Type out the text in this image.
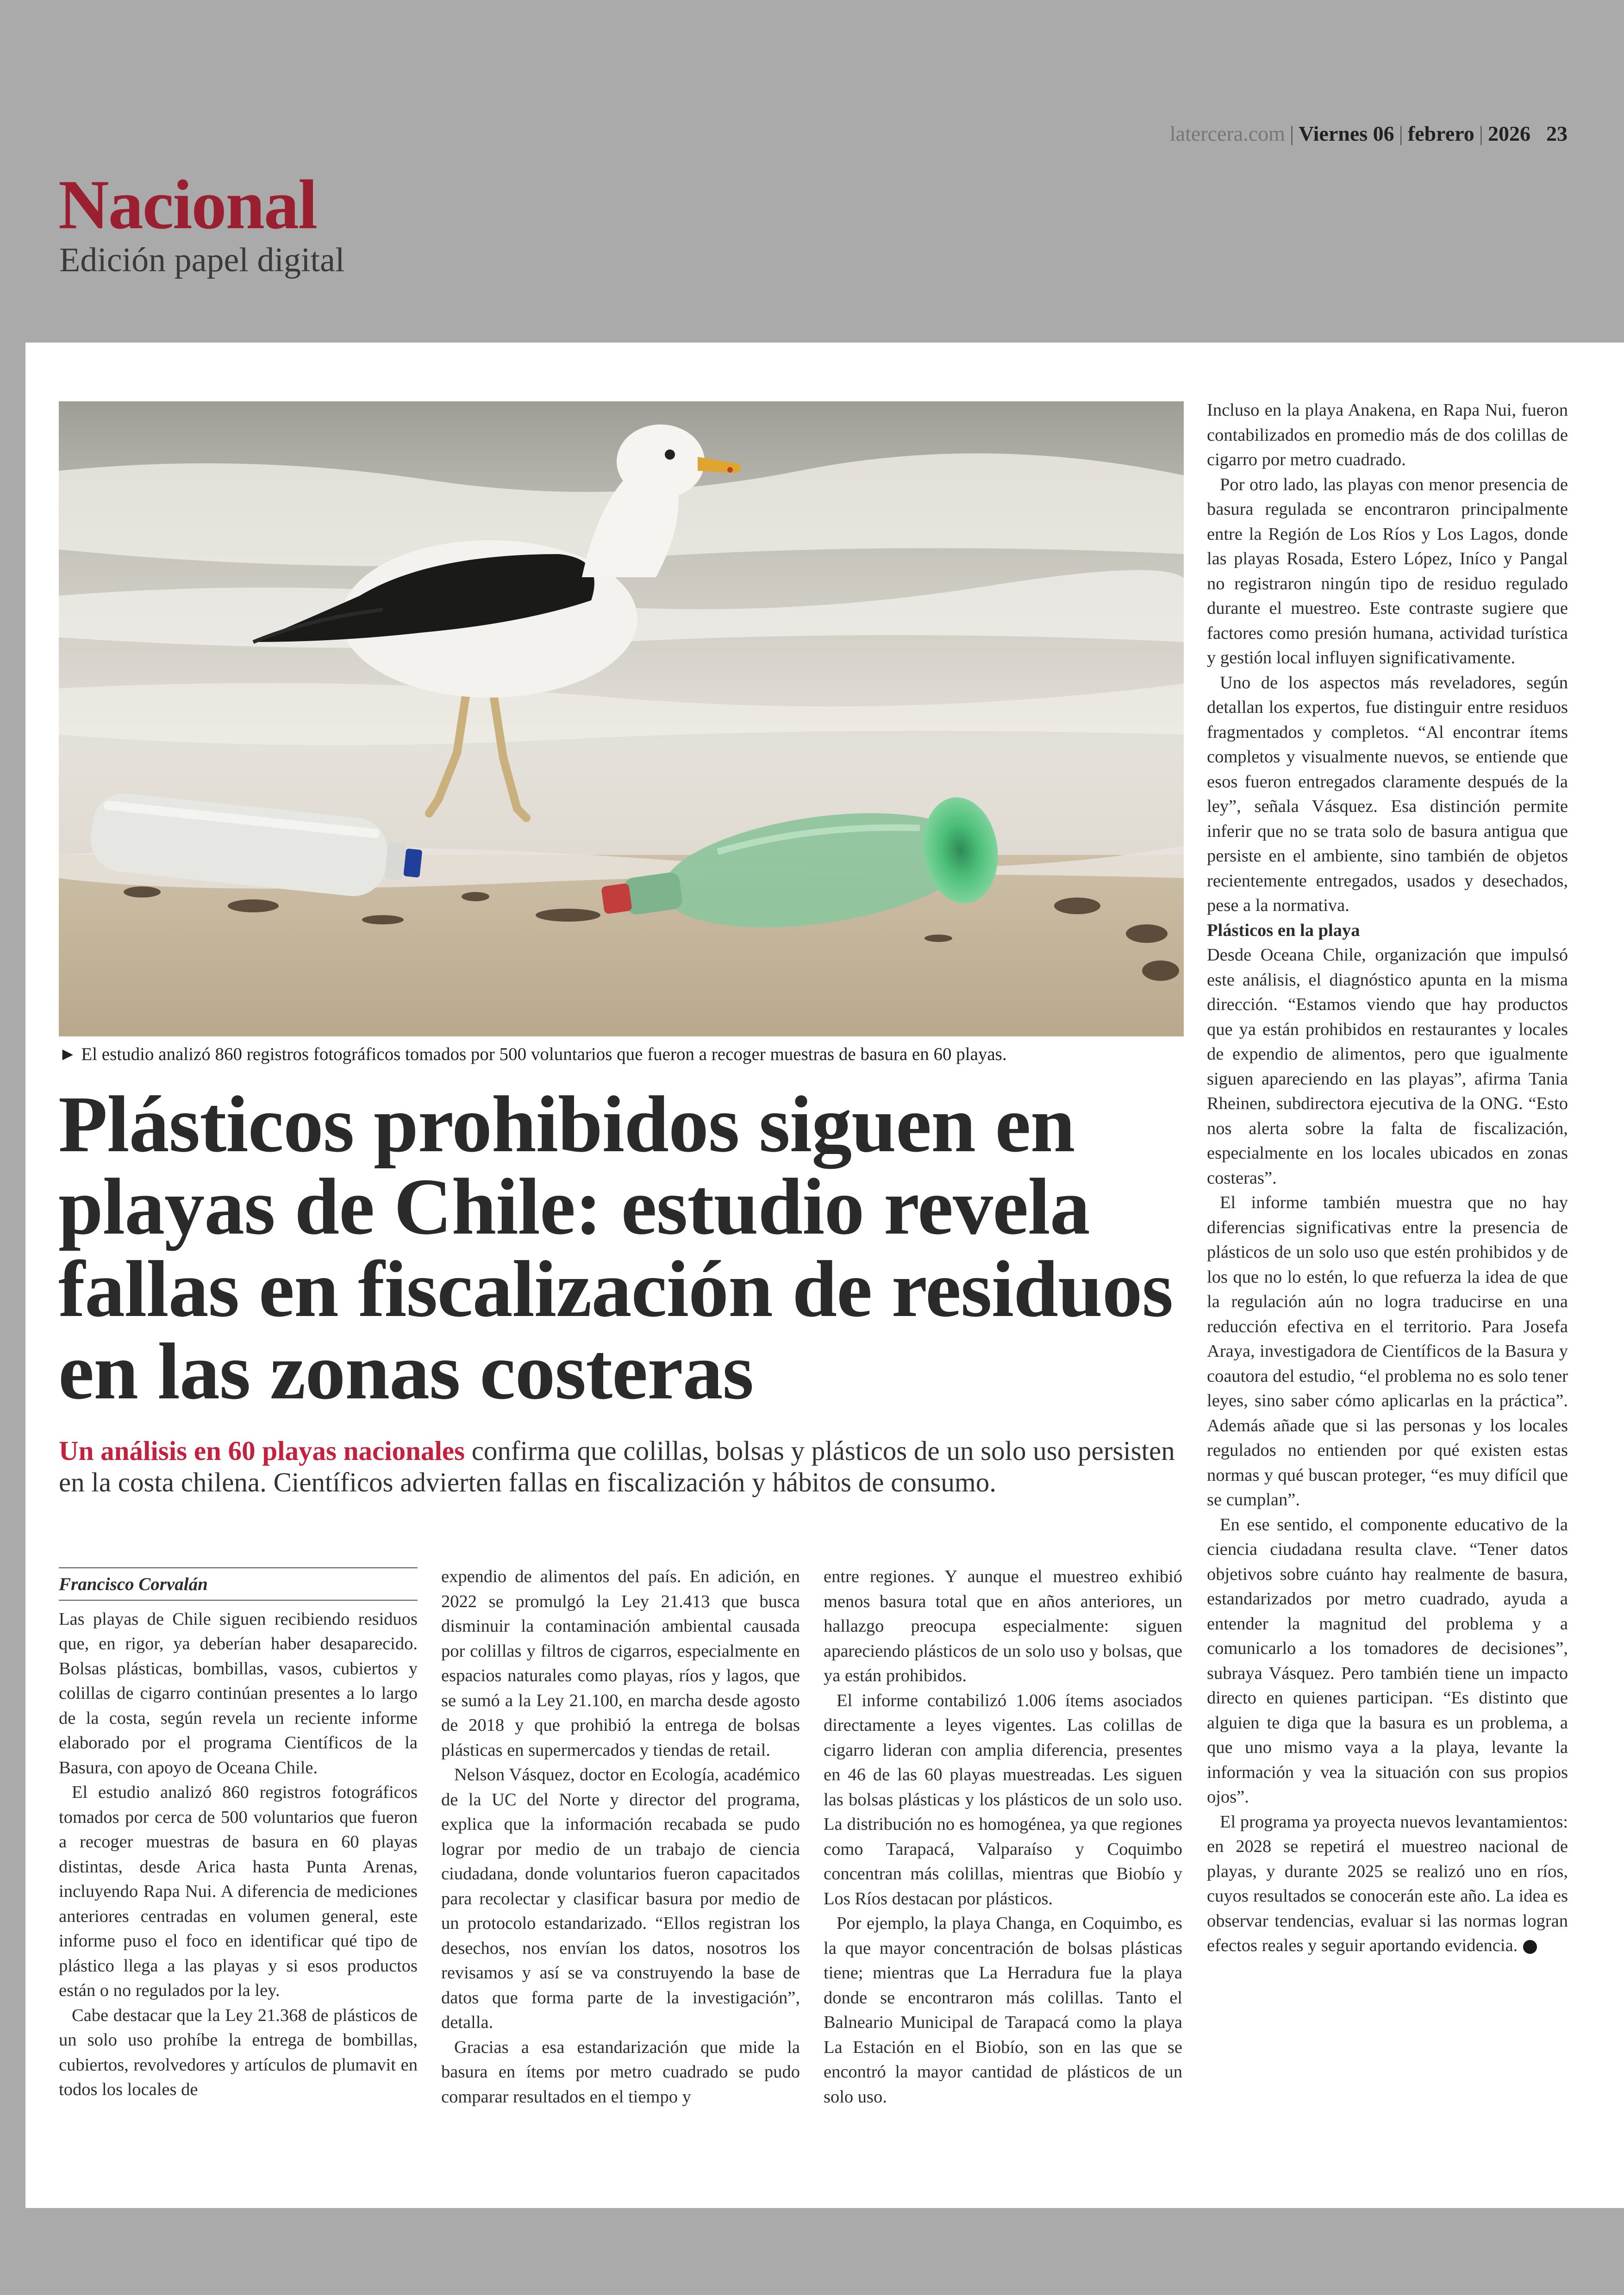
latercera.com | Viernes 06 | febrero | 2026 23
Nacional
Edición papel digital
► El estudio analizó 860 registros fotográficos tomados por 500 voluntarios que fueron a recoger muestras de basura en 60 playas.
Plásticos prohibidos siguen en playas de Chile: estudio revela fallas en fiscalización de residuos en las zonas costeras

Un análisis en 60 playas nacionales confirma que colillas, bolsas y plásticos de un solo uso persisten en la costa chilena. Científicos advierten fallas en fiscalización y hábitos de consumo.

Francisco Corvalán

Las playas de Chile siguen recibiendo residuos que, en rigor, ya deberían haber desaparecido. Bolsas plásticas, bombillas, vasos, cubiertos y colillas de cigarro continúan presentes a lo largo de la costa, según revela un reciente informe elaborado por el programa Científicos de la Basura, con apoyo de Oceana Chile.

El estudio analizó 860 registros fotográficos tomados por cerca de 500 voluntarios que fueron a recoger muestras de basura en 60 playas distintas, desde Arica hasta Punta Arenas, incluyendo Rapa Nui. A diferencia de mediciones anteriores centradas en volumen general, este informe puso el foco en identificar qué tipo de plástico llega a las playas y si esos productos están o no regulados por la ley.

Cabe destacar que la Ley 21.368 de plásticos de un solo uso prohíbe la entrega de bombillas, cubiertos, revolvedores y artículos de plumavit en todos los locales de

expendio de alimentos del país. En adición, en 2022 se promulgó la Ley 21.413 que busca disminuir la contaminación ambiental causada por colillas y filtros de cigarros, especialmente en espacios naturales como playas, ríos y lagos, que se sumó a la Ley 21.100, en marcha desde agosto de 2018 y que prohibió la entrega de bolsas plásticas en supermercados y tiendas de retail.

Nelson Vásquez, doctor en Ecología, académico de la UC del Norte y director del programa, explica que la información recabada se pudo lograr por medio de un trabajo de ciencia ciudadana, donde voluntarios fueron capacitados para recolectar y clasificar basura por medio de un protocolo estandarizado. “Ellos registran los desechos, nos envían los datos, nosotros los revisamos y así se va construyendo la base de datos que forma parte de la investigación”, detalla.

Gracias a esa estandarización que mide la basura en ítems por metro cuadrado se pudo comparar resultados en el tiempo y

entre regiones. Y aunque el muestreo exhibió menos basura total que en años anteriores, un hallazgo preocupa especialmente: siguen apareciendo plásticos de un solo uso y bolsas, que ya están prohibidos.

El informe contabilizó 1.006 ítems asociados directamente a leyes vigentes. Las colillas de cigarro lideran con amplia diferencia, presentes en 46 de las 60 playas muestreadas. Les siguen las bolsas plásticas y los plásticos de un solo uso. La distribución no es homogénea, ya que regiones como Tarapacá, Valparaíso y Coquimbo concentran más colillas, mientras que Biobío y Los Ríos destacan por plásticos.

Por ejemplo, la playa Changa, en Coquimbo, es la que mayor concentración de bolsas plásticas tiene; mientras que La Herradura fue la playa donde se encontraron más colillas. Tanto el Balneario Municipal de Tarapacá como la playa La Estación en el Biobío, son en las que se encontró la mayor cantidad de plásticos de un solo uso.

Incluso en la playa Anakena, en Rapa Nui, fueron contabilizados en promedio más de dos colillas de cigarro por metro cuadrado.

Por otro lado, las playas con menor presencia de basura regulada se encontraron principalmente entre la Región de Los Ríos y Los Lagos, donde las playas Rosada, Estero López, Iníco y Pangal no registraron ningún tipo de residuo regulado durante el muestreo. Este contraste sugiere que factores como presión humana, actividad turística y gestión local influyen significativamente.

Uno de los aspectos más reveladores, según detallan los expertos, fue distinguir entre residuos fragmentados y completos. “Al encontrar ítems completos y visualmente nuevos, se entiende que esos fueron entregados claramente después de la ley”, señala Vásquez. Esa distinción permite inferir que no se trata solo de basura antigua que persiste en el ambiente, sino también de objetos recientemente entregados, usados y desechados, pese a la normativa.

Plásticos en la playa

Desde Oceana Chile, organización que impulsó este análisis, el diagnóstico apunta en la misma dirección. “Estamos viendo que hay productos que ya están prohibidos en restaurantes y locales de expendio de alimentos, pero que igualmente siguen apareciendo en las playas”, afirma Tania Rheinen, subdirectora ejecutiva de la ONG. “Esto nos alerta sobre la falta de fiscalización, especialmente en los locales ubicados en zonas costeras”.

El informe también muestra que no hay diferencias significativas entre la presencia de plásticos de un solo uso que estén prohibidos y de los que no lo estén, lo que refuerza la idea de que la regulación aún no logra traducirse en una reducción efectiva en el territorio. Para Josefa Araya, investigadora de Científicos de la Basura y coautora del estudio, “el problema no es solo tener leyes, sino saber cómo aplicarlas en la práctica”. Además añade que si las personas y los locales regulados no entienden por qué existen estas normas y qué buscan proteger, “es muy difícil que se cumplan”.

En ese sentido, el componente educativo de la ciencia ciudadana resulta clave. “Tener datos objetivos sobre cuánto hay realmente de basura, estandarizados por metro cuadrado, ayuda a entender la magnitud del problema y a comunicarlo a los tomadores de decisiones”, subraya Vásquez. Pero también tiene un impacto directo en quienes participan. “Es distinto que alguien te diga que la basura es un problema, a que uno mismo vaya a la playa, levante la información y vea la situación con sus propios ojos”.

El programa ya proyecta nuevos levantamientos: en 2028 se repetirá el muestreo nacional de playas, y durante 2025 se realizó uno en ríos, cuyos resultados se conocerán este año. La idea es observar tendencias, evaluar si las normas logran efectos reales y seguir aportando evidencia.
